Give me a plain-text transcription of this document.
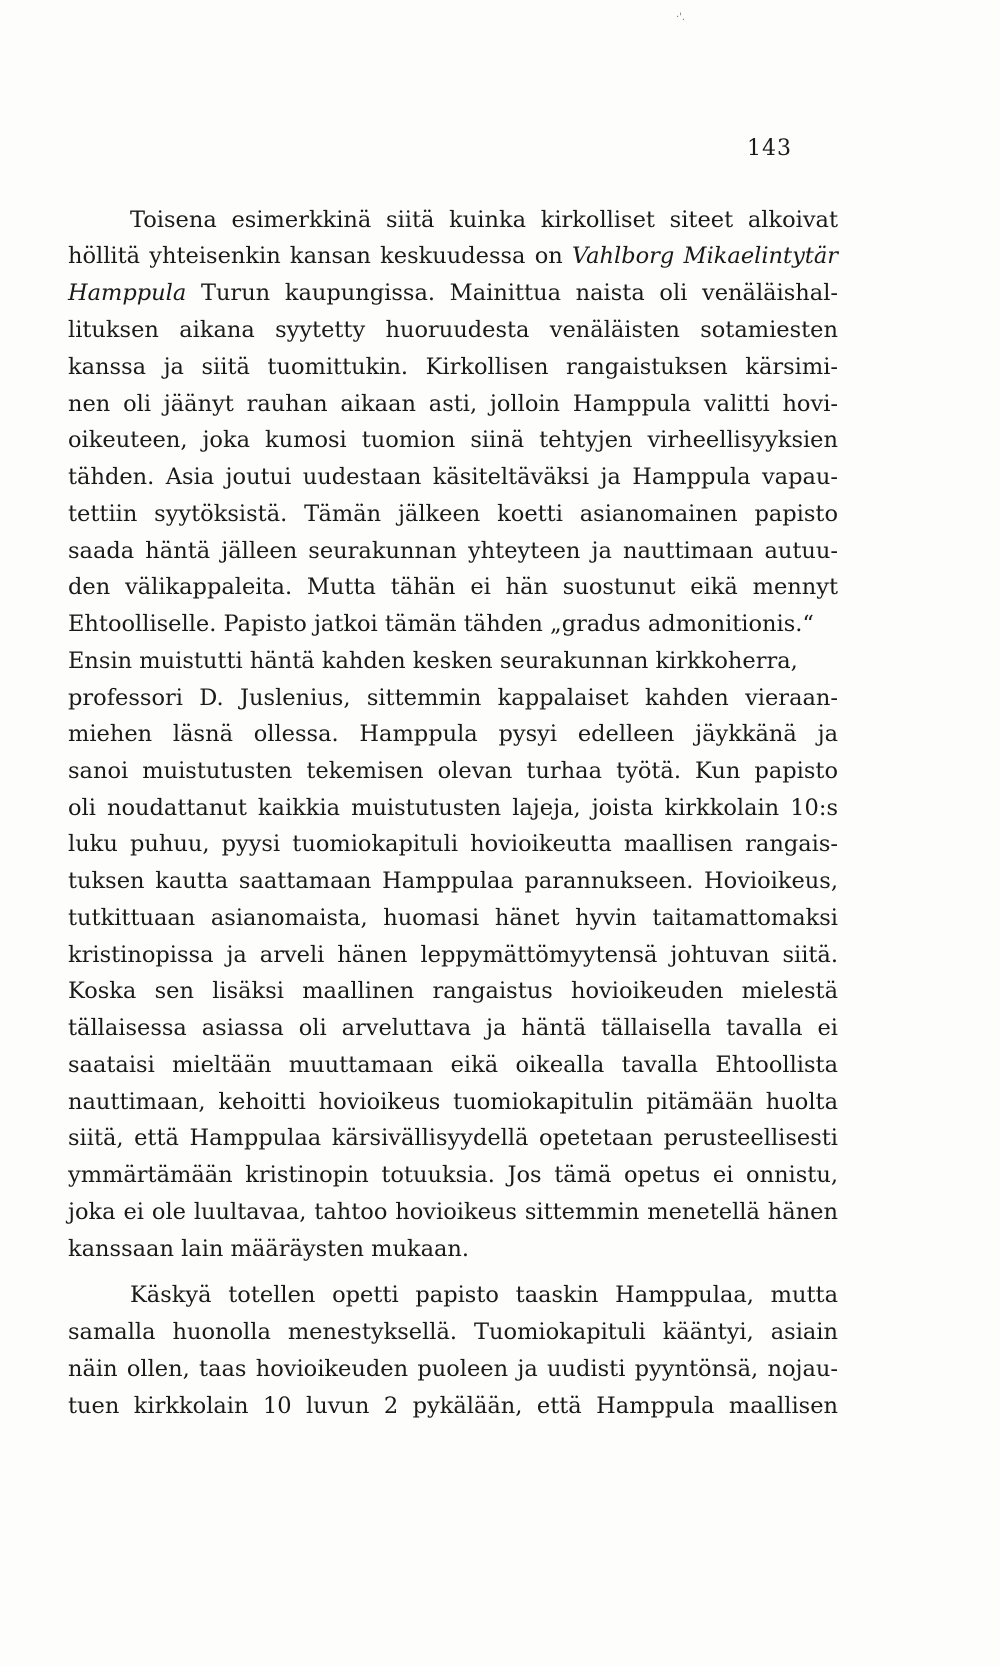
·ꞌ.
143
Toisena esimerkkinä siitä kuinka kirkolliset siteet alkoivat
höllitä yhteisenkin kansan keskuudessa on Vahlborg Mikaelintytär
Hamppula Turun kaupungissa. Mainittua naista oli venäläishal-
lituksen aikana syytetty huoruudesta venäläisten sotamiesten
kanssa ja siitä tuomittukin. Kirkollisen rangaistuksen kärsimi-
nen oli jäänyt rauhan aikaan asti, jolloin Hamppula valitti hovi-
oikeuteen, joka kumosi tuomion siinä tehtyjen virheellisyyksien
tähden. Asia joutui uudestaan käsiteltäväksi ja Hamppula vapau-
tettiin syytöksistä. Tämän jälkeen koetti asianomainen papisto
saada häntä jälleen seurakunnan yhteyteen ja nauttimaan autuu-
den välikappaleita. Mutta tähän ei hän suostunut eikä mennyt
Ehtoolliselle. Papisto jatkoi tämän tähden „gradus admonitionis.“
Ensin muistutti häntä kahden kesken seurakunnan kirkkoherra,
professori D. Juslenius, sittemmin kappalaiset kahden vieraan-
miehen läsnä ollessa. Hamppula pysyi edelleen jäykkänä ja
sanoi muistutusten tekemisen olevan turhaa työtä. Kun papisto
oli noudattanut kaikkia muistutusten lajeja, joista kirkkolain 10:s
luku puhuu, pyysi tuomiokapituli hovioikeutta maallisen rangais-
tuksen kautta saattamaan Hamppulaa parannukseen. Hovioikeus,
tutkittuaan asianomaista, huomasi hänet hyvin taitamattomaksi
kristinopissa ja arveli hänen leppymättömyytensä johtuvan siitä.
Koska sen lisäksi maallinen rangaistus hovioikeuden mielestä
tällaisessa asiassa oli arveluttava ja häntä tällaisella tavalla ei
saataisi mieltään muuttamaan eikä oikealla tavalla Ehtoollista
nauttimaan, kehoitti hovioikeus tuomiokapitulin pitämään huolta
siitä, että Hamppulaa kärsivällisyydellä opetetaan perusteellisesti
ymmärtämään kristinopin totuuksia. Jos tämä opetus ei onnistu,
joka ei ole luultavaa, tahtoo hovioikeus sittemmin menetellä hänen
kanssaan lain määräysten mukaan.
Käskyä totellen opetti papisto taaskin Hamppulaa, mutta
samalla huonolla menestyksellä. Tuomiokapituli kääntyi, asiain
näin ollen, taas hovioikeuden puoleen ja uudisti pyyntönsä, nojau-
tuen kirkkolain 10 luvun 2 pykälään, että Hamppula maallisen
